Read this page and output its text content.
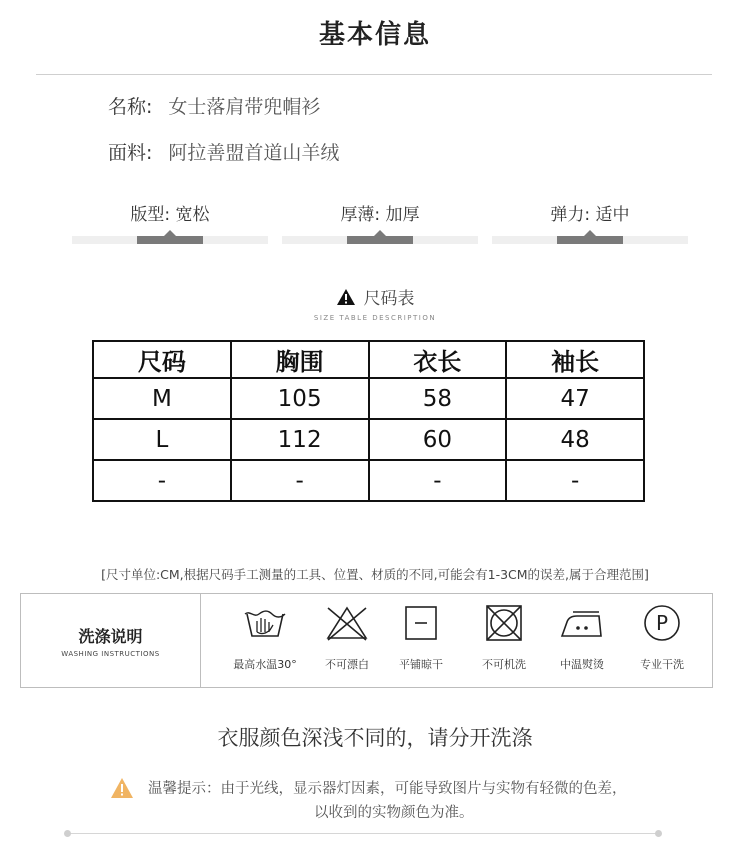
基本信息
名称: 女士落肩带兜帽衫
面料: 阿拉善盟首道山羊绒
版型: 宽松	厚薄: 加厚	弹力: 适中
尺码表
SIZE TABLE DESCRIPTION
尺码	胸围	衣长	袖长
M	105	58	47
L	112	60	48
-	-	-	-
[尺寸单位:CM,根据尺码手工测量的工具、位置、材质的不同,可能会有1-3CM的误差,属于合理范围]
洗涤说明
WASHING INSTRUCTIONS
最高水温30°	不可漂白	平铺晾干	不可机洗	中温熨烫
P
专业干洗
衣服颜色深浅不同的，请分开洗涤
温馨提示：由于光线，显示器灯因素，可能导致图片与实物有轻微的色差，
以收到的实物颜色为准。
